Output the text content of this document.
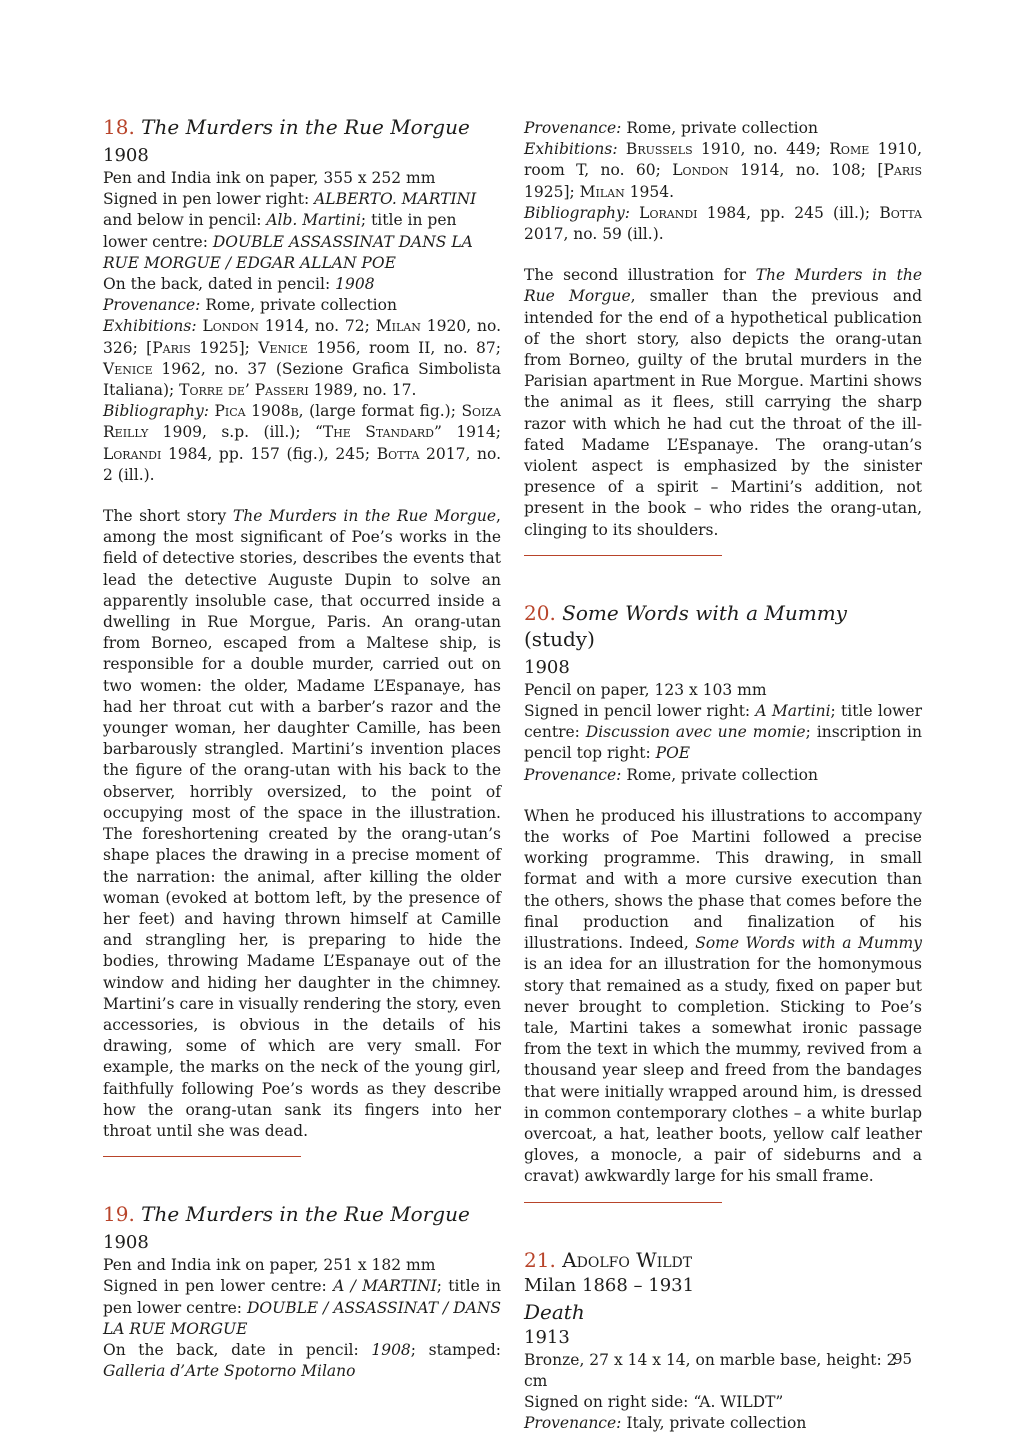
18. The Murders in the Rue Morgue

1908

Pen and India ink on paper, 355 x 252 mm

Signed in pen lower right: ALBERTO. MARTINI and below in pencil: Alb. Martini; title in pen lower centre: DOUBLE ASSASSINAT DANS LA RUE MORGUE / EDGAR ALLAN POE

On the back, dated in pencil: 1908

Provenance: Rome, private collection

Exhibitions: London 1914, no. 72; Milan 1920, no. 326; [Paris 1925]; Venice 1956, room II, no. 87; Venice 1962, no. 37 (Sezione Grafica Simbolista Italiana); Torre de’ Passeri 1989, no. 17.

Bibliography: Pica 1908b, (large format fig.); Soiza Reilly 1909, s.p. (ill.); “The Standard” 1914; Lorandi 1984, pp. 157 (fig.), 245; Botta 2017, no. 2 (ill.).

The short story The Murders in the Rue Morgue, among the most significant of Poe’s works in the field of detective stories, describes the events that lead the detective Auguste Dupin to solve an apparently insoluble case, that occurred inside a dwelling in Rue Morgue, Paris. An orang-utan from Borneo, escaped from a Maltese ship, is responsible for a double murder, carried out on two women: the older, Madame L’Espanaye, has had her throat cut with a barber’s razor and the younger woman, her daughter Camille, has been barbarously strangled. Martini’s invention places the figure of the orang-utan with his back to the observer, horribly oversized, to the point of occupying most of the space in the illustration. The foreshortening created by the orang-utan’s shape places the drawing in a precise moment of the narration: the animal, after killing the older woman (evoked at bottom left, by the presence of her feet) and having thrown himself at Camille and strangling her, is preparing to hide the bodies, throwing Madame L’Espanaye out of the window and hiding her daughter in the chimney. Martini’s care in visually rendering the story, even accessories, is obvious in the details of his drawing, some of which are very small. For example, the marks on the neck of the young girl, faithfully following Poe’s words as they describe how the orang-utan sank its fingers into her throat until she was dead.

19. The Murders in the Rue Morgue

1908

Pen and India ink on paper, 251 x 182 mm

Signed in pen lower centre: A / MARTINI; title in pen lower centre: DOUBLE / ASSASSINAT / DANS LA RUE MORGUE

On the back, date in pencil: 1908; stamped: Galleria d’Arte Spotorno Milano

Provenance: Rome, private collection

Exhibitions: Brussels 1910, no. 449; Rome 1910, room T, no. 60; London 1914, no. 108; [Paris 1925]; Milan 1954.

Bibliography: Lorandi 1984, pp. 245 (ill.); Botta 2017, no. 59 (ill.).

The second illustration for The Murders in the Rue Morgue, smaller than the previous and intended for the end of a hypothetical publication of the short story, also depicts the orang-utan from Borneo, guilty of the brutal murders in the Parisian apartment in Rue Morgue. Martini shows the animal as it flees, still carrying the sharp razor with which he had cut the throat of the ill-fated Madame L’Espanaye. The orang-utan’s violent aspect is emphasized by the sinister presence of a spirit – Martini’s addition, not present in the book – who rides the orang-utan, clinging to its shoulders.

20. Some Words with a Mummy (study)

1908

Pencil on paper, 123 x 103 mm

Signed in pencil lower right: A Martini; title lower centre: Discussion avec une momie; inscription in pencil top right: POE

Provenance: Rome, private collection

When he produced his illustrations to accompany the works of Poe Martini followed a precise working programme. This drawing, in small format and with a more cursive execution than the others, shows the phase that comes before the final production and finalization of his illustrations. Indeed, Some Words with a Mummy is an idea for an illustration for the homonymous story that remained as a study, fixed on paper but never brought to completion. Sticking to Poe’s tale, Martini takes a somewhat ironic passage from the text in which the mummy, revived from a thousand year sleep and freed from the bandages that were initially wrapped around him, is dressed in common contemporary clothes – a white burlap overcoat, a hat, leather boots, yellow calf leather gloves, a monocle, a pair of sideburns and a cravat) awkwardly large for his small frame.

21. Adolfo Wildt

Milan 1868 – 1931

Death

1913

Bronze, 27 x 14 x 14, on marble base, height: 2 cm

Signed on right side: “A. WILDT”

Provenance: Italy, private collection

95
